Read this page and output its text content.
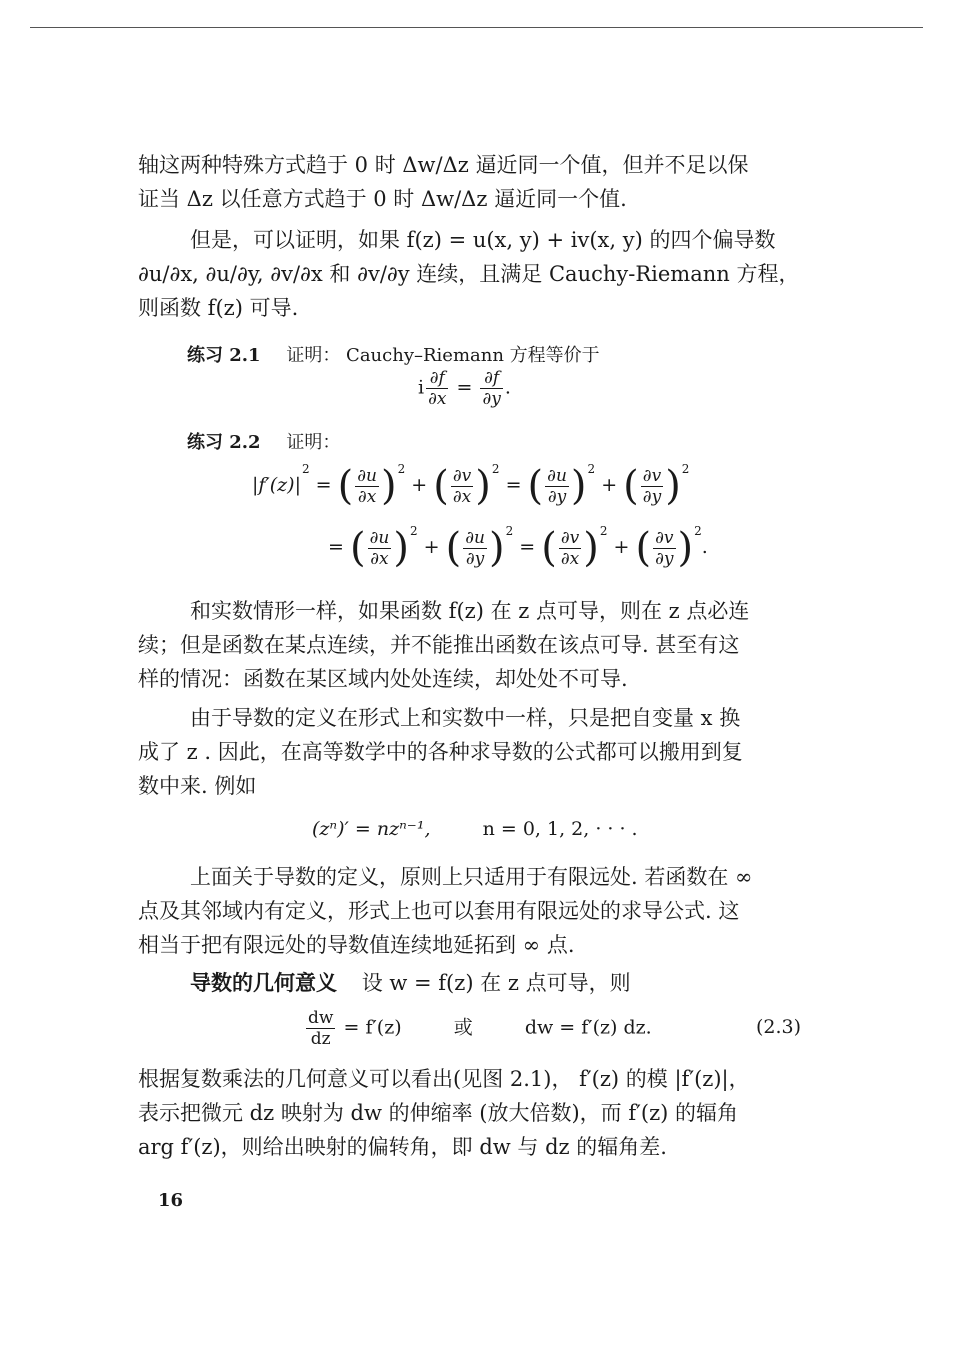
轴这两种特殊方式趋于 0 时 Δw/Δz 逼近同一个值，但并不足以保
证当 Δz 以任意方式趋于 0 时 Δw/Δz 逼近同一个值.
但是，可以证明，如果 f(z) = u(x, y) + iv(x, y) 的四个偏导数
∂u/∂x, ∂u/∂y, ∂v/∂x 和 ∂v/∂y 连续，且满足 Cauchy-Riemann 方程，
则函数 f(z) 可导.
练习 2.1 证明： Cauchy–Riemann 方程等价于
i $\frac{\partial f}{\partial x} = \frac{\partial f}{\partial y}$ .
练习 2.2 证明：
$|f'(z)|^2$ = ( $\frac{\partial u}{\partial x} )^2$ + ( $\frac{\partial v}{\partial x} )^2$ = ( $\frac{\partial u}{\partial y} )^2$ + ( $\frac{\partial v}{\partial y} )^2$
= ( $\frac{\partial u}{\partial x} )^2$ + ( $\frac{\partial u}{\partial y} )^2$ = ( $\frac{\partial v}{\partial x} )^2$ + ( $\frac{\partial v}{\partial y} )^2$.
和实数情形一样，如果函数 f(z) 在 z 点可导，则在 z 点必连
续；但是函数在某点连续，并不能推出函数在该点可导. 甚至有这
样的情况：函数在某区域内处处连续，却处处不可导.
由于导数的定义在形式上和实数中一样，只是把自变量 x 换
成了 z . 因此，在高等数学中的各种求导数的公式都可以搬用到复
数中来. 例如
(zⁿ)′ = nzⁿ⁻¹,	n = 0, 1, 2, · · · .
上面关于导数的定义，原则上只适用于有限远处. 若函数在 ∞
点及其邻域内有定义，形式上也可以套用有限远处的求导公式. 这
相当于把有限远处的导数值连续地延拓到 ∞ 点.
导数的几何意义 设 w = f(z) 在 z 点可导，则
$\frac{dw}{dz} = f'(z)$	或	dw = f′(z) dz.	(2.3)
根据复数乘法的几何意义可以看出(见图 2.1)， f′(z) 的模 |f′(z)|，
表示把微元 dz 映射为 dw 的伸缩率 (放大倍数)，而 f′(z) 的辐角
arg f′(z)，则给出映射的偏转角，即 dw 与 dz 的辐角差.
16
